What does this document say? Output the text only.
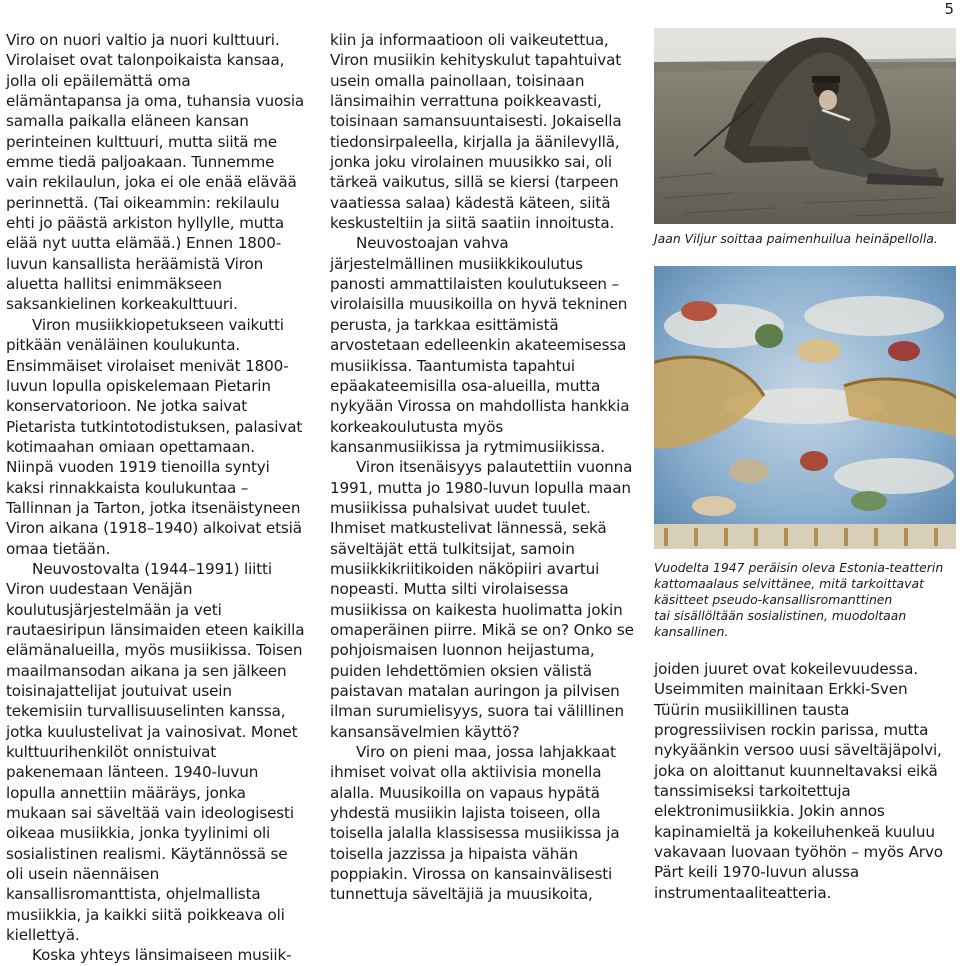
5

Viro on nuori valtio ja nuori kulttuuri. Virolaiset ovat talonpoikaista kansaa, jolla oli epäilemättä oma elämäntapansa ja oma, tuhansia vuosia samalla paikalla eläneen kansan perinteinen kulttuuri, mutta siitä me emme tiedä paljoakaan. Tunnemme vain rekilaulun, joka ei ole enää elävää perinnettä. (Tai oikeammin: rekilaulu ehti jo päästä arkiston hyllylle, mutta elää nyt uutta elämää.) Ennen 1800-luvun kansallista heräämistä Viron aluetta hallitsi enimmäkseen saksankielinen korkeakulttuuri.

Viron musiikkiopetukseen vaikutti pitkään venäläinen koulukunta. Ensimmäiset virolaiset menivät 1800-luvun lopulla opiskelemaan Pietarin konservatorioon. Ne jotka saivat Pietarista tutkintotodistuksen, palasivat kotimaahan omiaan opettamaan. Niinpä vuoden 1919 tienoilla syntyi kaksi rinnakkaista koulukuntaa – Tallinnan ja Tarton, jotka itsenäistyneen Viron aikana (1918–1940) alkoivat etsiä omaa tietään.

Neuvostovalta (1944–1991) liitti Viron uudestaan Venäjän koulutusjärjestelmään ja veti rautaesiripun länsimaiden eteen kaikilla elämänalueilla, myös musiikissa. Toisen maailmansodan aikana ja sen jälkeen toisinajattelijat joutuivat usein tekemisiin turvallisuuselinten kanssa, jotka kuulustelivat ja vainosivat. Monet kulttuurihenkilöt onnistuivat pakenemaan länteen. 1940-luvun lopulla annettiin määräys, jonka mukaan sai säveltää vain ideologisesti oikeaa musiikkia, jonka tyylinimi oli sosialistinen realismi. Käytännössä se oli usein näennäisen kansallisromanttista, ohjelmallista musiikkia, ja kaikki siitä poikkeava oli kiellettyä.

Koska yhteys länsimaiseen musiik-

kiin ja informaatioon oli vaikeutettua, Viron musiikin kehityskulut tapahtuivat usein omalla painollaan, toisinaan länsimaihin verrattuna poikkeavasti, toisinaan samansuuntaisesti. Jokaisella tiedonsirpaleella, kirjalla ja äänilevyllä, jonka joku virolainen muusikko sai, oli tärkeä vaikutus, sillä se kiersi (tarpeen vaatiessa salaa) kädestä käteen, siitä keskusteltiin ja siitä saatiin innoitusta.

Neuvostoajan vahva järjestelmällinen musiikkikoulutus panosti ammattilaisten koulutukseen – virolaisilla muusikoilla on hyvä tekninen perusta, ja tarkkaa esittämistä arvostetaan edelleenkin akateemisessa musiikissa. Taantumista tapahtui epäakateemisilla osa-alueilla, mutta nykyään Virossa on mahdollista hankkia korkeakoulutusta myös kansanmusiikissa ja rytmimusiikissa.

Viron itsenäisyys palautettiin vuonna 1991, mutta jo 1980-luvun lopulla maan musiikissa puhalsivat uudet tuulet. Ihmiset matkustelivat lännessä, sekä säveltäjät että tulkitsijat, samoin musiikkikriitikoiden näköpiiri avartui nopeasti. Mutta silti virolaisessa musiikissa on kaikesta huolimatta jokin omaperäinen piirre. Mikä se on? Onko se pohjoismaisen luonnon heijastuma, puiden lehdettömien oksien välistä paistavan matalan auringon ja pilvisen ilman surumielisyys, suora tai välillinen kansansävelmien käyttö?

Viro on pieni maa, jossa lahjakkaat ihmiset voivat olla aktiivisia monella alalla. Muusikoilla on vapaus hypätä yhdestä musiikin lajista toiseen, olla toisella jalalla klassisessa musiikissa ja toisella jazzissa ja hipaista vähän poppiakin. Virossa on kansainvälisesti tunnettuja säveltäjiä ja muusikoita,

Jaan Viljur soittaa paimenhuilua heinäpellolla.
Vuodelta 1947 peräisin oleva Estonia-teatterin
kattomaalaus selvittänee, mitä tarkoittavat
käsitteet pseudo-kansallisromanttinen
tai sisällöltään sosialistinen, muodoltaan
kansallinen.

joiden juuret ovat kokeilevuudessa. Useimmiten mainitaan Erkki-Sven Tüürin musiikillinen tausta progressiivisen rockin parissa, mutta nykyäänkin versoo uusi säveltäjäpolvi, joka on aloittanut kuunneltavaksi eikä tanssimiseksi tarkoitettuja elektronimusiikkia. Jokin annos kapinamieltä ja kokeiluhenkeä kuuluu vakavaan luovaan työhön – myös Arvo Pärt keili 1970-luvun alussa instrumentaaliteatteria.
